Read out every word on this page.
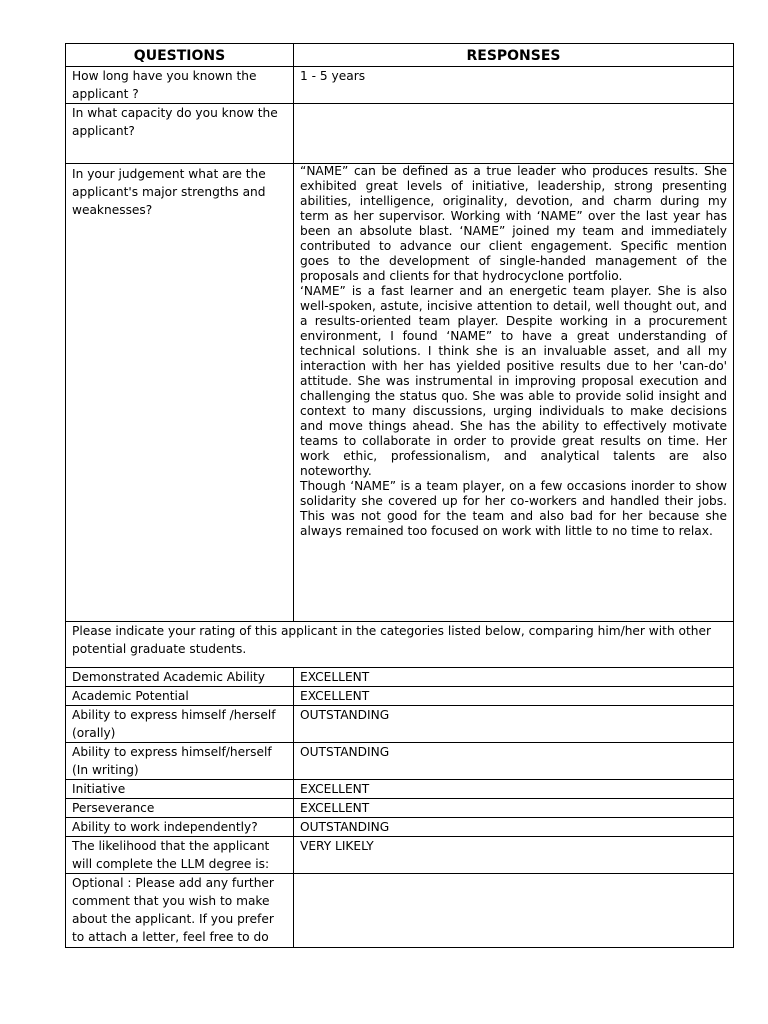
QUESTIONS	RESPONSES
How long have you known the applicant ?	1 - 5 years
In what capacity do you know the applicant?	
In your judgement what are the applicant's major strengths and weaknesses?	“NAME” can be defined as a true leader who produces results. She exhibited great levels of initiative, leadership, strong presenting abilities, intelligence, originality, devotion, and charm during my term as her supervisor. Working with ‘NAME” over the last year has been an absolute blast. ‘NAME” joined my team and immediately contributed to advance our client engagement. Specific mention goes to the development of single-handed management of the proposals and clients for that hydrocyclone portfolio.

‘NAME” is a fast learner and an energetic team player. She is also well-spoken, astute, incisive attention to detail, well thought out, and a results-oriented team player. Despite working in a procurement environment, I found ‘NAME” to have a great understanding of technical solutions. I think she is an invaluable asset, and all my interaction with her has yielded positive results due to her 'can-do' attitude. She was instrumental in improving proposal execution and challenging the status quo. She was able to provide solid insight and context to many discussions, urging individuals to make decisions and move things ahead. She has the ability to effectively motivate teams to collaborate in order to provide great results on time. Her work ethic, professionalism, and analytical talents are also noteworthy.

Though ‘NAME” is a team player, on a few occasions inorder to show solidarity she covered up for her co-workers and handled their jobs. This was not good for the team and also bad for her because she always remained too focused on work with little to no time to relax.

Please indicate your rating of this applicant in the categories listed below, comparing him/her with other potential graduate students.	
Demonstrated Academic Ability	EXCELLENT
Academic Potential	EXCELLENT
Ability to express himself /herself (orally)	OUTSTANDING
Ability to express himself/herself (In writing)	OUTSTANDING
Initiative	EXCELLENT
Perseverance	EXCELLENT
Ability to work independently?	OUTSTANDING
The likelihood that the applicant will complete the LLM degree is:	VERY LIKELY
Optional : Please add any further comment that you wish to make about the applicant. If you prefer to attach a letter, feel free to do	
